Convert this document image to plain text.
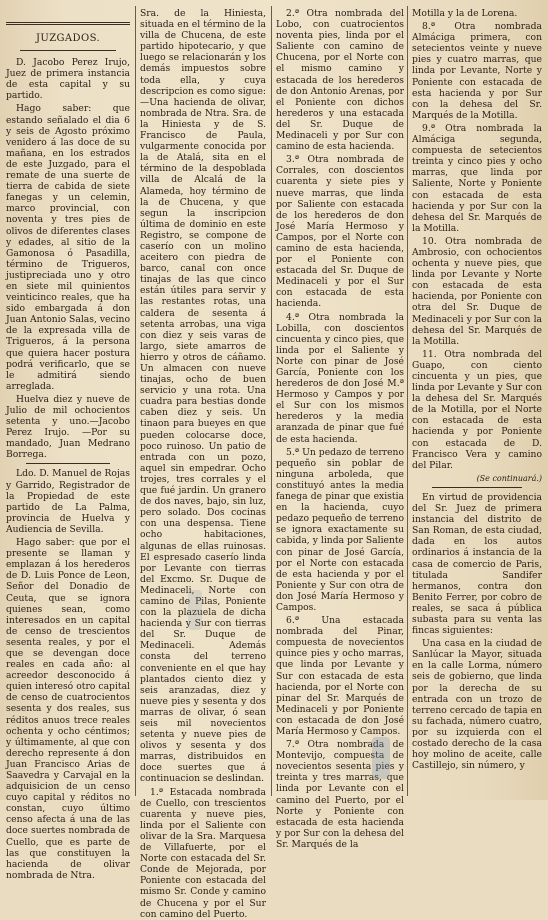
JUZGADOS.

D. Jacobo Perez Irujo, Juez de primera instancia de esta capital y su partido.

Hago saber: que estando señalado el dia 6 y seis de Agosto próximo venidero á las doce de su mañana, en los estrados de este Juzgado, para el remate de una suerte de tierra de cabida de siete fanegas y un celemin, marco provincial, con noventa y tres pies de olivos de diferentes clases y edades, al sitio de la Gamonosa ó Pasadilla, término de Trigueros, justipreciada uno y otro en siete mil quinientos veinticinco reales, que ha sido embargada á don Juan Antonio Salas, vecino de la expresada villa de Trigueros, á la persona que quiera hacer postura podrá verificarlo, que se le admitirá siendo arreglada.

Huelva diez y nueve de Julio de mil ochocientos setenta y uno.—Jacobo Perez Irujo. —Por su mandado, Juan Medrano Borrega.

Ldo. D. Manuel de Rojas y Garrido, Registrador de la Propiedad de este partido de La Palma, provincia de Huelva y Audiencia de Sevilla.

Hago saber: que por el presente se llaman y emplazan á los herederos de D. Luis Ponce de Leon, Señor del Donadio de Ceuta, que se ignora quienes sean, como interesados en un capital de censo de trescientos sesenta reales, y por el que se devengan doce reales en cada año: al acreedor desconocido á quien interesó otro capital de censo de cuatrocientos sesenta y dos reales, sus réditos anuos trece reales ochenta y ocho céntimos; y últimamente, al que con derecho represente á don Juan Francisco Arias de Saavedra y Carvajal en la adquisicion de un censo cuyo capital y réditos no constan, cuyo último censo afecta á una de las doce suertes nombrada de Cuello, que es parte de las que constituyen la hacienda de olivar nombrada de Ntra.

Sra. de la Hiniesta, situada en el término de la villa de Chucena, de este partido hipotecario, y que luego se relacionarán y los demás impuestos sobre toda ella, y cuya descripcion es como sigue:—Una hacienda de olivar, nombrada de Ntra. Sra. de la Hiniesta y de S. Francisco de Paula, vulgarmente conocida por la de Atalá, sita en el término de la despoblada villa de Alcalá de la Alameda, hoy término de la de Chucena, y que segun la inscripcion última de dominio en este Registro, se compone de caserío con un molino aceitero con piedra de barco, canal con once tinajas de las que cinco están útiles para servir y las restantes rotas, una caldera de sesenta á setenta arrobas, una viga con diez y seis varas de largo, siete amarros de hierro y otros de cáñamo. Un almacen con nueve tinajas, ocho de buen servicio y una rota. Una cuadra para bestias donde caben diez y seis. Un tinaon para bueyes en que pueden colocarse doce, poco ruinoso. Un patio de entrada con un pozo, aquel sin empedrar. Ocho trojes, tres corrales y el que fué jardin. Un granero de dos naves, bajo, sin luz, pero solado. Dos cocinas con una despensa. Tiene ocho habitaciones, algunas de ellas ruinosas. El espresado caserío linda por Levante con tierras del Excmo. Sr. Duque de Medinaceli, Norte con camino de Pilas, Poniente con la plazuela de dicha hacienda y Sur con tierras del Sr. Duque de Medinaceli. Además consta del terreno conveniente en el que hay plantados ciento diez y seis aranzadas, diez y nueve pies y sesenta y dos marras de olivar, ó sean seis mil novecientos setenta y nueve pies de olivos y sesenta y dos marras, distribuidos en doce suertes que á continuacion se deslindan.

1.ª Estacada nombrada de Cuello, con trescientos cuarenta y nueve pies, linda por el Saliente con olivar de la Sra. Marquesa de Villafuerte, por el Norte con estacada del Sr. Conde de Mejorada, por Poniente con estacada del mismo Sr. Conde y camino de Chucena y por el Sur con camino del Puerto.

2.ª Otra nombrada del Lobo, con cuatrocientos noventa pies, linda por el Saliente con camino de Chucena, por el Norte con el mismo camino y estacada de los herederos de don Antonio Arenas, por el Poniente con dichos herederos y una estacada del Sr. Duque de Medinaceli y por Sur con camino de esta hacienda.

3.ª Otra nombrada de Corrales, con doscientos cuarenta y siete pies y nueve marras, que linda por Saliente con estacada de los herederos de don José María Hermoso y Campos, por el Norte con camino de esta hacienda, por el Poniente con estacada del Sr. Duque de Medinaceli y por el Sur con estacada de esta hacienda.

4.ª Otra nombrada la Lobilla, con doscientos cincuenta y cinco pies, que linda por el Saliente y Norte con pinar de José García, Poniente con los herederos de don José M.ª Hermoso y Campos y por el Sur con los mismos herederos y la media aranzada de pinar que fué de esta hacienda.

5.ª Un pedazo de terreno pequeño sin poblar de ninguna arboleda, que constituyó antes la media fanega de pinar que existia en la hacienda, cuyo pedazo pequeño de terreno se ignora exactamente su cabida, y linda por Saliente con pinar de José García, por el Norte con estacada de esta hacienda y por el Poniente y Sur con otra de don José María Hermoso y Campos.

6.ª Una estacada nombrada del Pinar, compuesta de novecientos quince pies y ocho marras, que linda por Levante y Sur con estacada de esta hacienda, por el Norte con pinar del Sr. Marqués de Medinaceli y por Poniente con estacada de don José María Hermoso y Campos.

7.ª Otra nombrada de Montevijo, compuesta de novecientos sesenta pies y treinta y tres marras, que linda por Levante con el camino del Puerto, por el Norte y Poniente con estacada de esta hacienda y por Sur con la dehesa del Sr. Marqués de la

Motilla y la de Lorena.

8.ª Otra nombrada Almáciga primera, con setecientos veinte y nueve pies y cuatro marras, que linda por Levante, Norte y Poniente con estacada de esta hacienda y por Sur con la dehesa del Sr. Marqués de la Motilla.

9.ª Otra nombrada la Almáciga segunda, compuesta de setecientos treinta y cinco pies y ocho marras, que linda por Saliente, Norte y Poniente con estacada de esta hacienda y por Sur con la dehesa del Sr. Marqués de la Motilla.

10. Otra nombrada de Ambrosio, con ochocientos ochenta y nueve pies, que linda por Levante y Norte con estacada de esta hacienda, por Poniente con otra del Sr. Duque de Medinaceli y por Sur con la dehesa del Sr. Marqués de la Motilla.

11. Otra nombrada del Guapo, con ciento cincuenta y un pies, que linda por Levante y Sur con la dehesa del Sr. Marqués de la Motilla, por el Norte con estacada de esta hacienda y por Poniente con estacada de D. Francisco Vera y camino del Pilar.

(Se continuará.)

En virtud de providencia del Sr. Juez de primera instancia del distrito de San Roman, de esta ciudad, dada en los autos ordinarios á instancia de la casa de comercio de Paris, titulada Sandifer hermanos, contra don Benito Ferrer, por cobro de reales, se saca á pública subasta para su venta las fincas siguientes:

Una casa en la ciudad de Sanlúcar la Mayor, situada en la calle Lorma, número seis de gobierno, que linda por la derecha de su entrada con un trozo de terreno cercado de tapia en su fachada, número cuatro, por su izquierda con el costado derecho de la casa hoy molino de aceite, calle Castillejo, sin número, y
